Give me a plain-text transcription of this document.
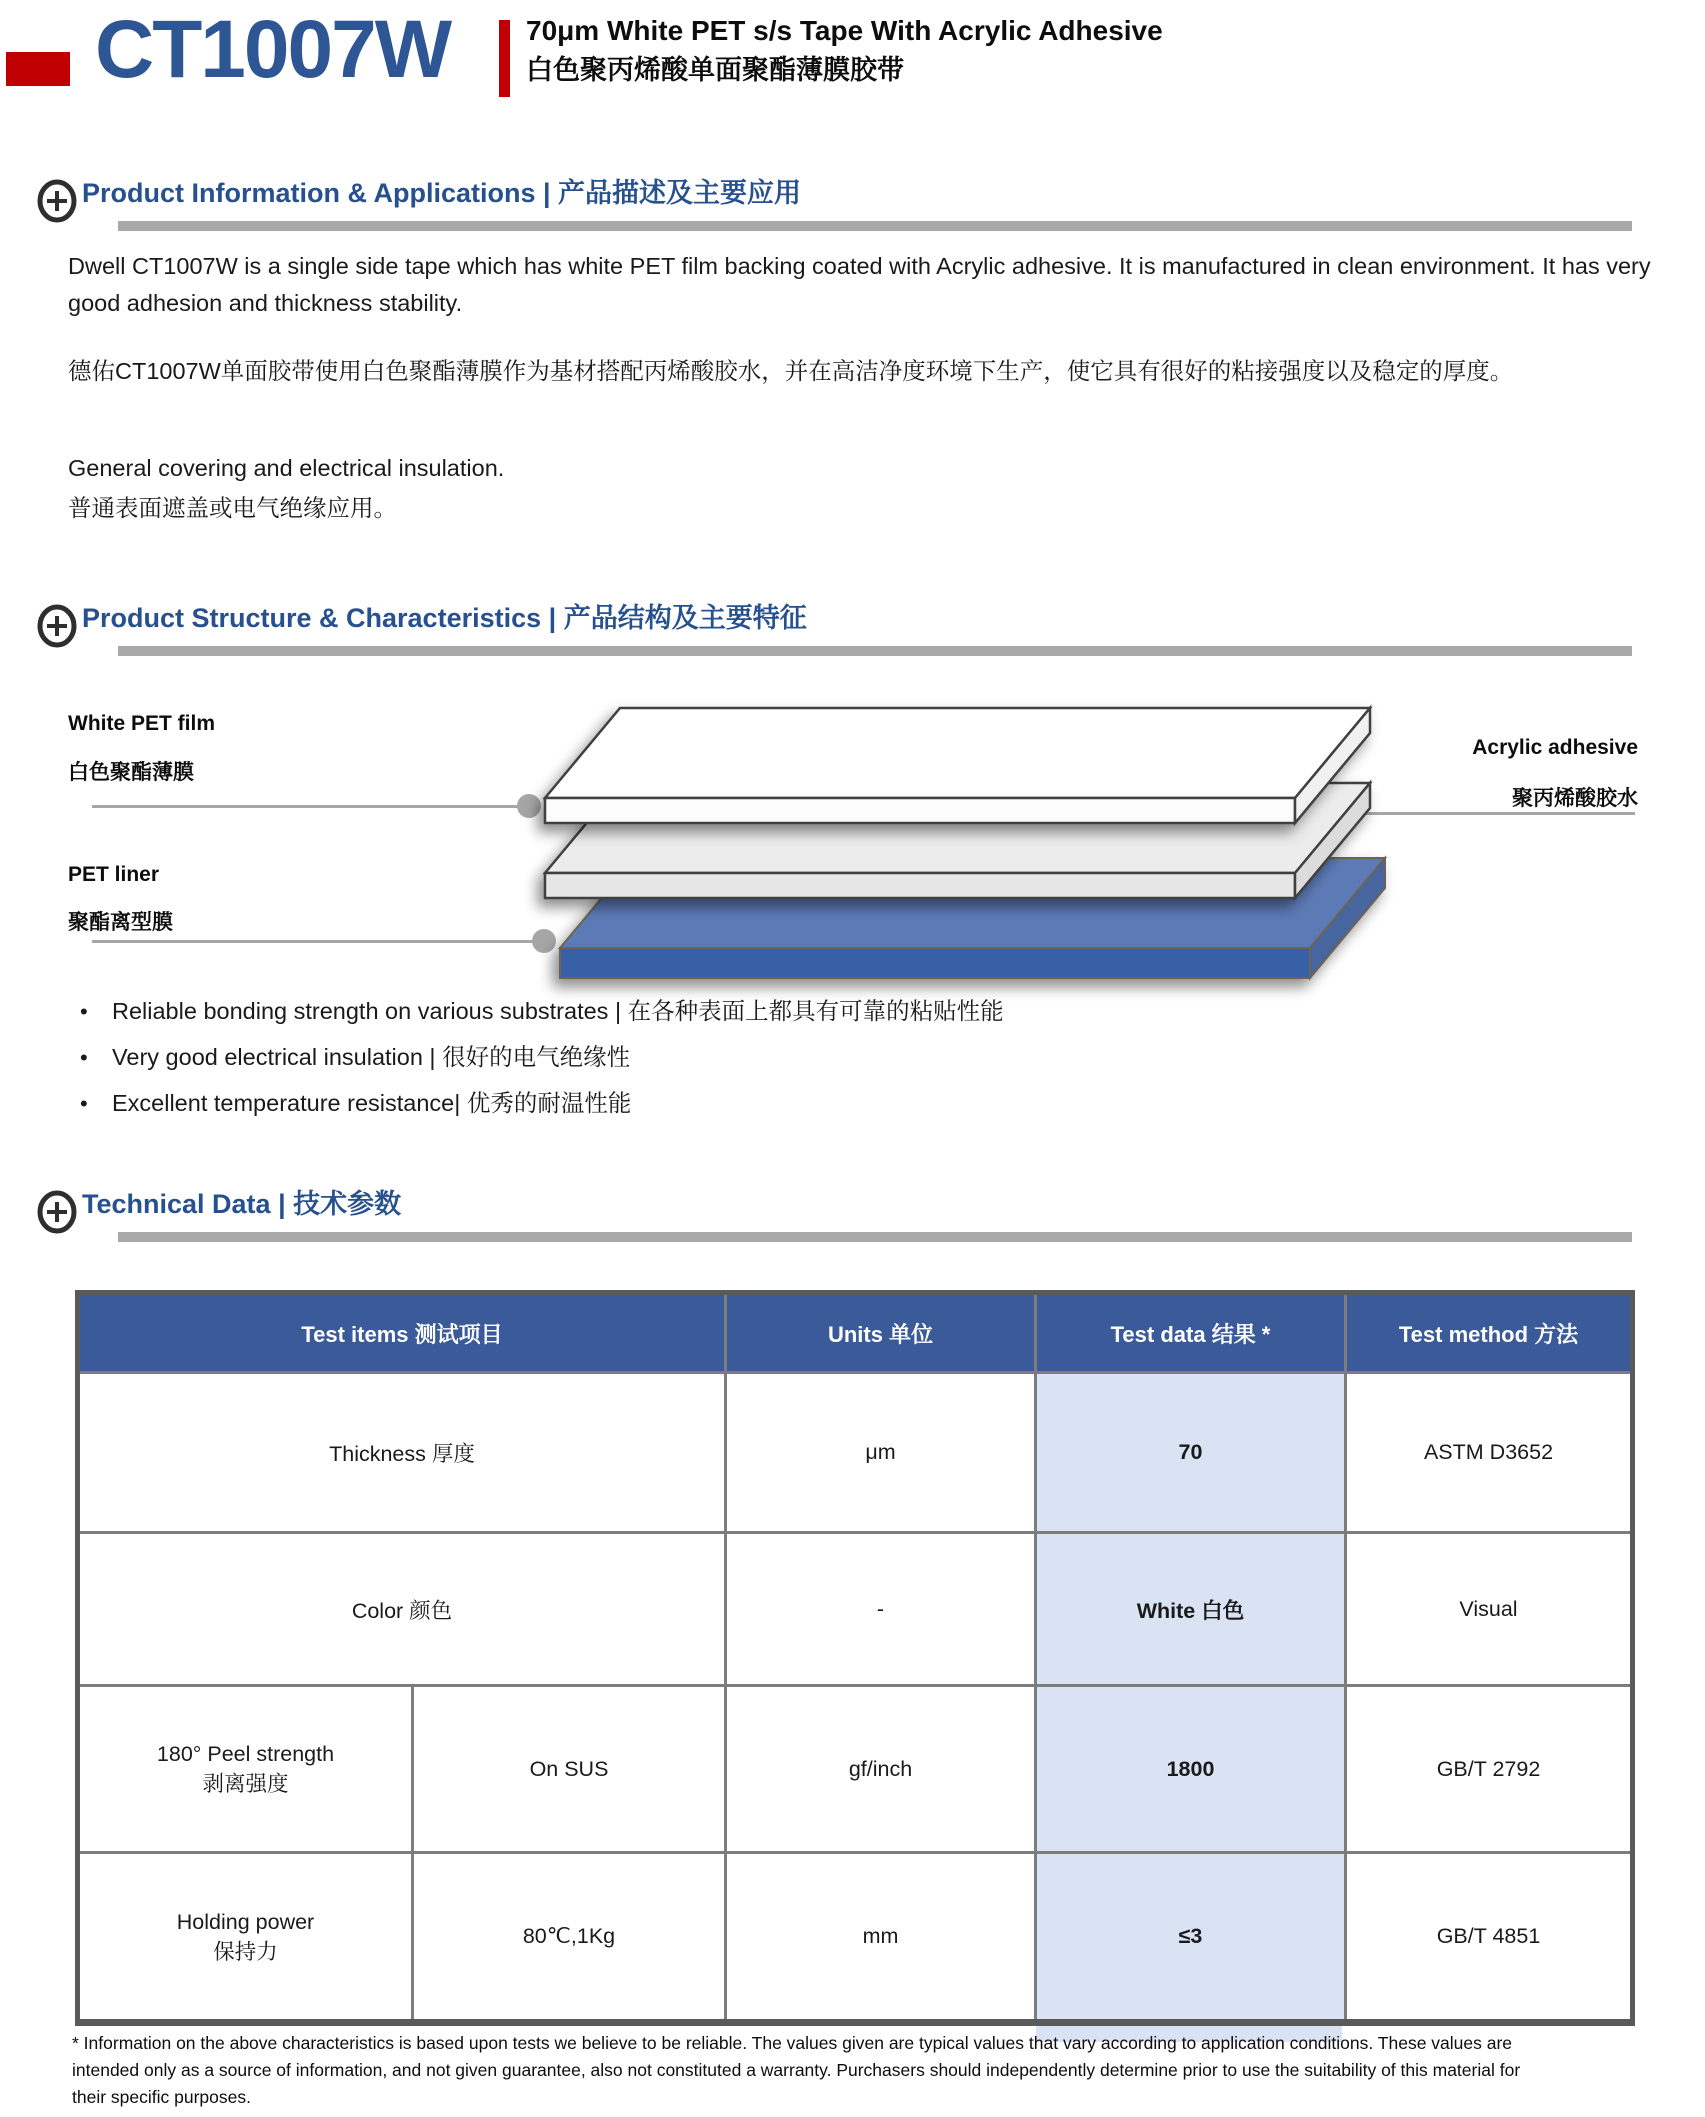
CT1007W	70μm White PET s/s Tape With Acrylic Adhesive
白色聚丙烯酸单面聚酯薄膜胶带
Product Information & Applications | 产品描述及主要应用
Dwell CT1007W is a single side tape which has white PET film backing coated with Acrylic adhesive. It is manufactured in clean environment. It has very good adhesion and thickness stability.
德佑CT1007W单面胶带使用白色聚酯薄膜作为基材搭配丙烯酸胶水，并在高洁净度环境下生产，使它具有很好的粘接强度以及稳定的厚度。
General covering and electrical insulation.
普通表面遮盖或电气绝缘应用。
Product Structure & Characteristics | 产品结构及主要特征
White PET film
白色聚酯薄膜
PET liner
聚酯离型膜
Acrylic adhesive
聚丙烯酸胶水
• Reliable bonding strength on various substrates | 在各种表面上都具有可靠的粘贴性能
• Very good electrical insulation | 很好的电气绝缘性
• Excellent temperature resistance| 优秀的耐温性能
Technical Data | 技术参数
Test items 测试项目		Units 单位	Test data 结果 *	Test method 方法
Thickness 厚度		μm	70	ASTM D3652
Color 颜色		-	White 白色	Visual

180° Peel strength
剥离强度	On SUS	gf/inch	1800	GB/T 2792

Holding power
保持力	80℃,1Kg	mm	≤3	GB/T 4851
* Information on the above characteristics is based upon tests we believe to be reliable. The values given are typical values that vary according to application conditions. These values are intended only as a source of information, and not given guarantee, also not constituted a warranty. Purchasers should independently determine prior to use the suitability of this material for their specific purposes.
